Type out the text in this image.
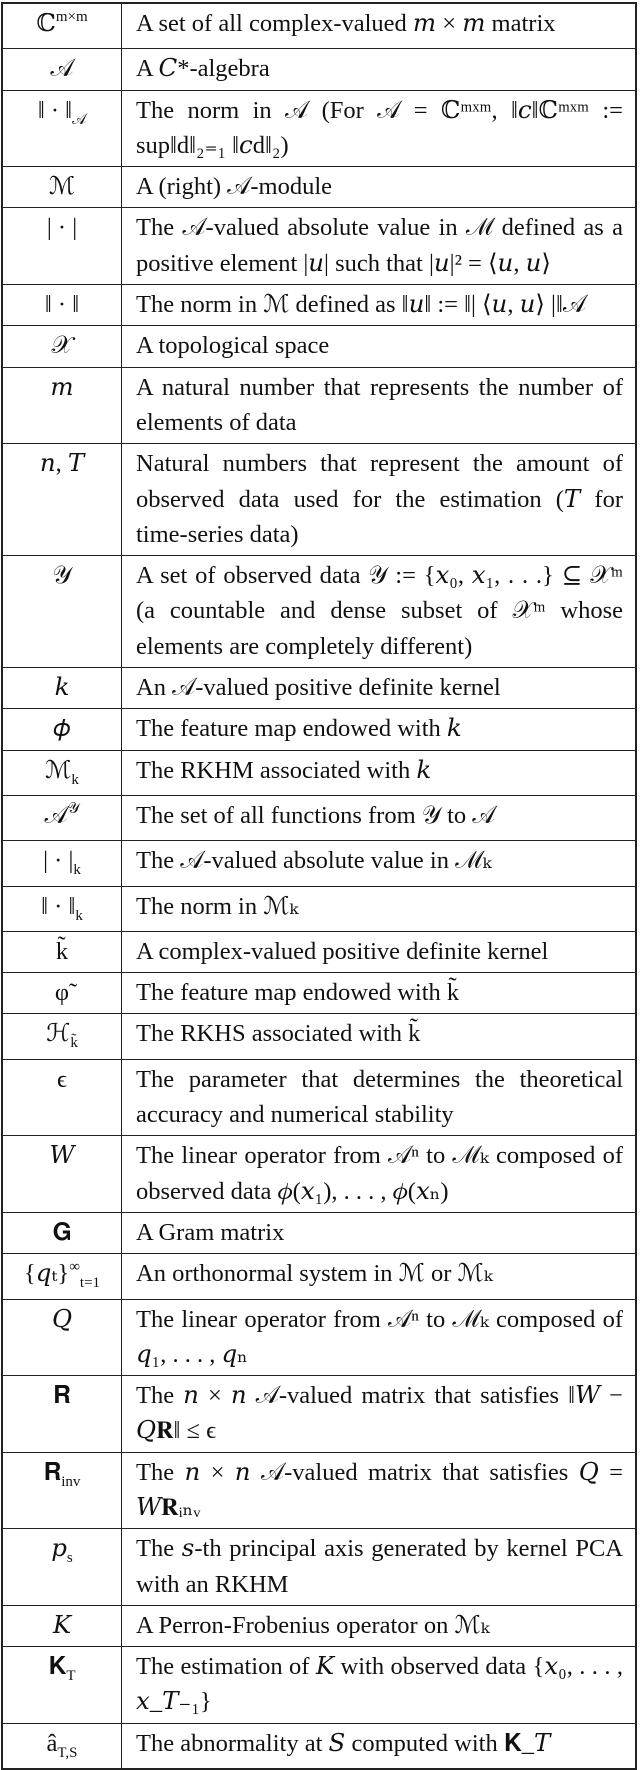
ℂ$^{m\times m}$	A set of all complex-valued 𝑚 × 𝑚 matrix
𝒜	A 𝐶*-algebra
‖ · $‖_𝒜$	The norm in 𝒜 (For 𝒜 = ℂᵐˣᵐ, ‖𝑐‖ℂᵐˣᵐ := sup‖d‖₂₌₁ ‖𝑐d‖₂)
ℳ	A (right) 𝒜-module
| · |	The 𝒜-valued absolute value in ℳ defined as a positive element |𝑢| such that |𝑢|² = ⟨𝑢, 𝑢⟩
‖ · ‖	The norm in ℳ defined as ‖𝑢‖ := ‖| ⟨𝑢, 𝑢⟩ |‖𝒜
𝒳	A topological space
𝑚	A natural number that represents the number of elements of data
𝑛, 𝑇	Natural numbers that represent the amount of observed data used for the estimation (𝑇 for time-series data)
𝒴	A set of observed data 𝒴 := {𝑥₀, 𝑥₁, . . .} ⊆ 𝒳ᵐ (a countable and dense subset of 𝒳ᵐ whose elements are completely different)
𝑘	An 𝒜-valued positive definite kernel
𝜙	The feature map endowed with 𝑘
ℳ$_k$	The RKHM associated with 𝑘
𝒜$^𝒴$	The set of all functions from 𝒴 to 𝒜
| · $|_k$	The 𝒜-valued absolute value in ℳₖ
‖ · $‖_k$	The norm in ℳₖ
k̃	A complex-valued positive definite kernel
φ̃	The feature map endowed with k̃
ℋ$_{k̃}$	The RKHS associated with k̃
ϵ	The parameter that determines the theoretical accuracy and numerical stability
𝑊	The linear operator from 𝒜ⁿ to ℳₖ composed of observed data 𝜙(𝑥₁), . . . , 𝜙(𝑥ₙ)
𝐆	A Gram matrix
$\{𝑞_t\}^\infty_{t=1}$	An orthonormal system in ℳ or ℳₖ
𝑄	The linear operator from 𝒜ⁿ to ℳₖ composed of 𝑞₁, . . . , 𝑞ₙ
𝐑	The 𝑛 × 𝑛 𝒜-valued matrix that satisfies ‖𝑊 − 𝑄𝐑‖ ≤ ϵ
𝐑$_{inv}$	The 𝑛 × 𝑛 𝒜-valued matrix that satisfies 𝑄 = 𝑊𝐑ᵢₙᵥ
𝑝$_s$	The 𝑠-th principal axis generated by kernel PCA with an RKHM
𝐾	A Perron-Frobenius operator on ℳₖ
𝐊$_T$	The estimation of 𝐾 with observed data {𝑥₀, . . . , 𝑥_𝑇₋₁}
$â_{T,S}$	The abnormality at 𝑆 computed with 𝐊_𝑇
